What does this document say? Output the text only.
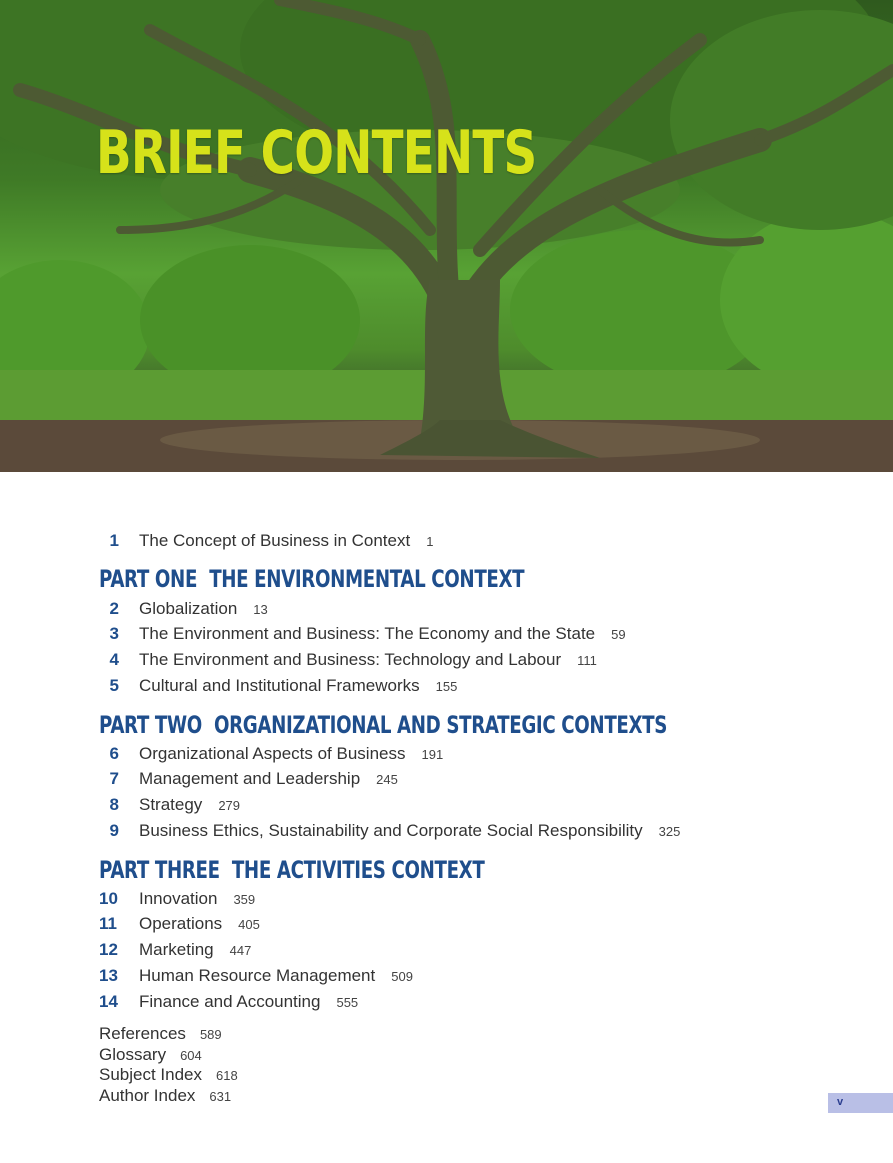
BRIEF CONTENTS
1	The Concept of Business in Context 1
PART ONE THE ENVIRONMENTAL CONTEXT
2	Globalization 13
3	The Environment and Business: The Economy and the State 59
4	The Environment and Business: Technology and Labour 111
5	Cultural and Institutional Frameworks 155
PART TWO ORGANIZATIONAL AND STRATEGIC CONTEXTS
6	Organizational Aspects of Business 191
7	Management and Leadership 245
8	Strategy 279
9	Business Ethics, Sustainability and Corporate Social Responsibility 325
PART THREE THE ACTIVITIES CONTEXT
10	Innovation 359
11	Operations 405
12	Marketing 447
13	Human Resource Management 509
14	Finance and Accounting 555
References 589
Glossary 604
Subject Index 618
Author Index 631	v
